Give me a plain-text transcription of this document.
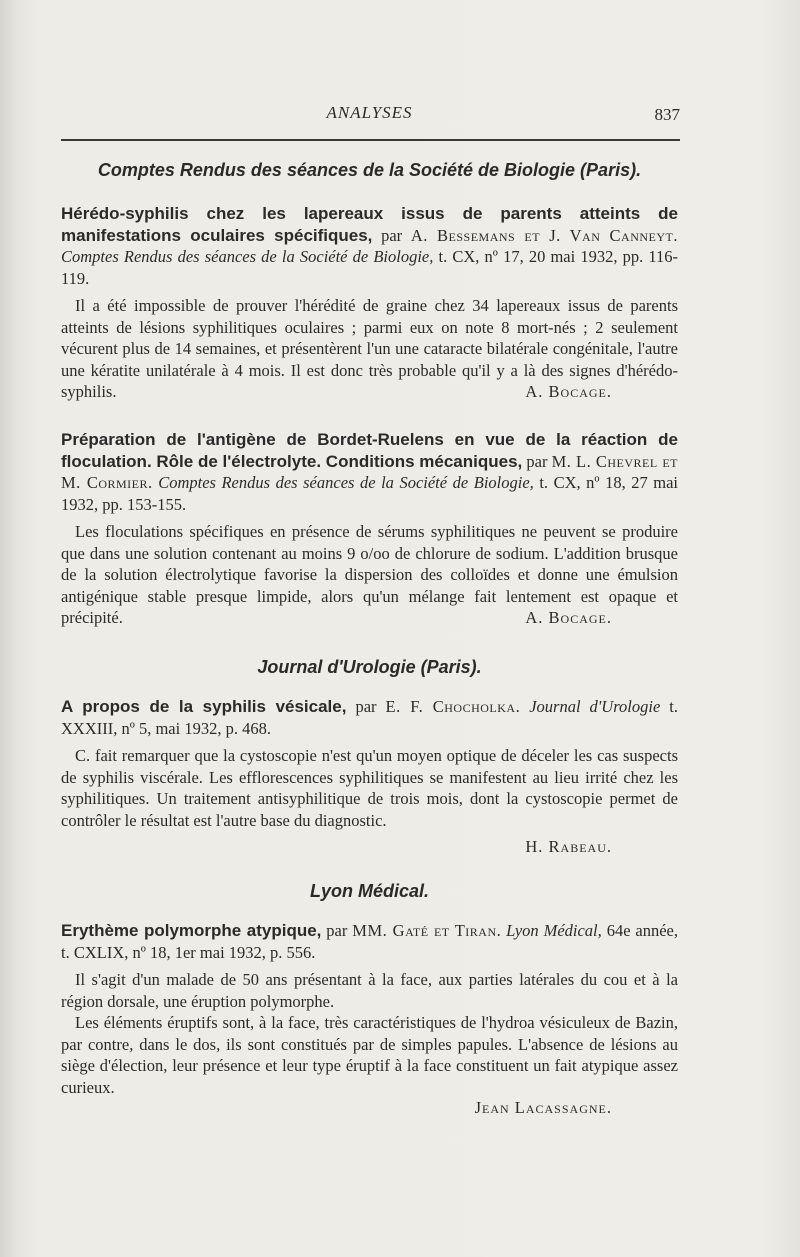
ANALYSES	837

Comptes Rendus des séances de la Société de Biologie (Paris).

Hérédo-syphilis chez les lapereaux issus de parents atteints de manifestations oculaires spécifiques, par A. Bessemans et J. Van Canneyt. Comptes Rendus des séances de la Société de Biologie, t. CX, nº 17, 20 mai 1932, pp. 116-119.

Il a été impossible de prouver l'hérédité de graine chez 34 lapereaux issus de parents atteints de lésions syphilitiques oculaires ; parmi eux on note 8 mort-nés ; 2 seulement vécurent plus de 14 semaines, et présentèrent l'un une cataracte bilatérale congénitale, l'autre une kératite unilatérale à 4 mois. Il est donc très probable qu'il y a là des signes d'hérédo-syphilis.	A. Bocage.

Préparation de l'antigène de Bordet-Ruelens en vue de la réaction de floculation. Rôle de l'électrolyte. Conditions mécaniques, par M. L. Chevrel et M. Cormier. Comptes Rendus des séances de la Société de Biologie, t. CX, nº 18, 27 mai 1932, pp. 153-155.

Les floculations spécifiques en présence de sérums syphilitiques ne peuvent se produire que dans une solution contenant au moins 9 o/oo de chlorure de sodium. L'addition brusque de la solution électrolytique favorise la dispersion des colloïdes et donne une émulsion antigénique stable presque limpide, alors qu'un mélange fait lentement est opaque et précipité.	A. Bocage.

Journal d'Urologie (Paris).

A propos de la syphilis vésicale, par E. F. Chocholka. Journal d'Urologie t. XXXIII, nº 5, mai 1932, p. 468.

C. fait remarquer que la cystoscopie n'est qu'un moyen optique de déceler les cas suspects de syphilis viscérale. Les efflorescences syphilitiques se manifestent au lieu irrité chez les syphilitiques. Un traitement antisyphilitique de trois mois, dont la cystoscopie permet de contrôler le résultat est l'autre base du diagnostic.

H. Rabeau.

Lyon Médical.

Erythème polymorphe atypique, par MM. Gaté et Tiran. Lyon Médical, 64e année, t. CXLIX, nº 18, 1er mai 1932, p. 556.

Il s'agit d'un malade de 50 ans présentant à la face, aux parties latérales du cou et à la région dorsale, une éruption polymorphe.

Les éléments éruptifs sont, à la face, très caractéristiques de l'hydroa vésiculeux de Bazin, par contre, dans le dos, ils sont constitués par de simples papules. L'absence de lésions au siège d'élection, leur présence et leur type éruptif à la face constituent un fait atypique assez curieux.

Jean Lacassagne.
